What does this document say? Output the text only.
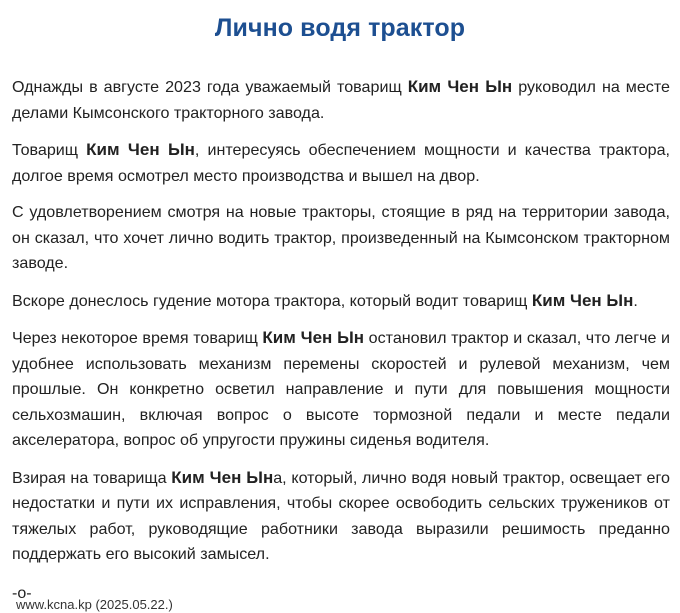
Лично водя трактор

Однажды в августе 2023 года уважаемый товарищ Ким Чен Ын руководил на месте делами Кымсонского тракторного завода.

Товарищ Ким Чен Ын, интересуясь обеспечением мощности и качества трактора, долгое время осмотрел место производства и вышел на двор.

С удовлетворением смотря на новые тракторы, стоящие в ряд на территории завода, он сказал, что хочет лично водить трактор, произведенный на Кымсонском тракторном заводе.

Вскоре донеслось гудение мотора трактора, который водит товарищ Ким Чен Ын.

Через некоторое время товарищ Ким Чен Ын остановил трактор и сказал, что легче и удобнее использовать механизм перемены скоростей и рулевой механизм, чем прошлые. Он конкретно осветил направление и пути для повышения мощности сельхозмашин, включая вопрос о высоте тормозной педали и месте педали акселератора, вопрос об упругости пружины сиденья водителя.

Взирая на товарища Ким Чен Ына, который, лично водя новый трактор, освещает его недостатки и пути их исправления, чтобы скорее освободить сельских тружеников от тяжелых работ, руководящие работники завода выразили решимость преданно поддержать его высокий замысел.

-o-

www.kcna.kp (2025.05.22.)
